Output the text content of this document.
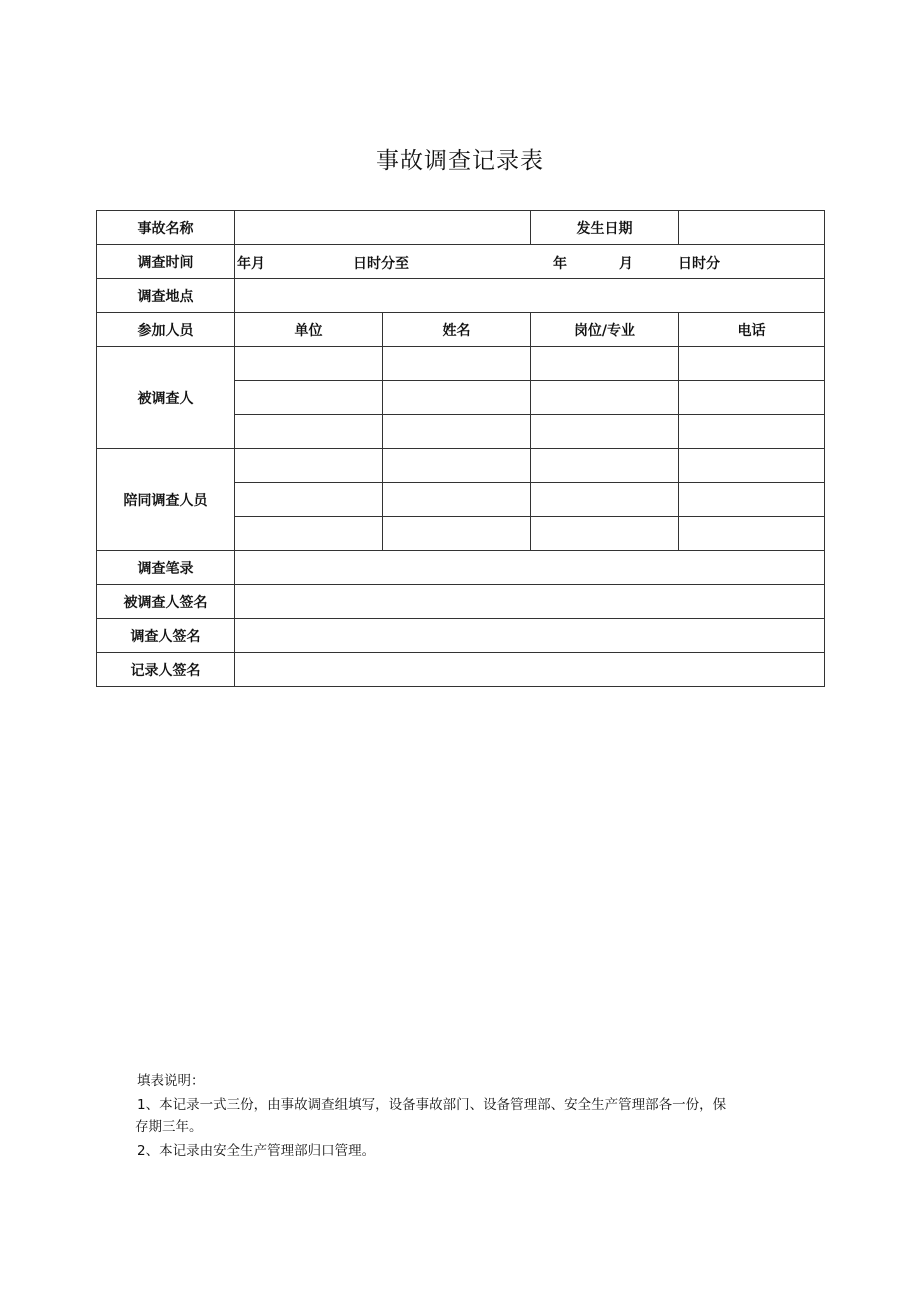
事故调查记录表
事故名称			发生日期	
调查时间	年月 日时分至 年 月 日时分			

调查地点				
参加人员	单位	姓名	岗位/专业	电话
被调查人				

陪同调查人员				

调查笔录				
被调查人签名				
调查人签名				
记录人签名				
填表说明：
1、本记录一式三份，由事故调查组填写，设备事故部门、设备管理部、安全生产管理部各一份，保
存期三年。
2、本记录由安全生产管理部归口管理。
